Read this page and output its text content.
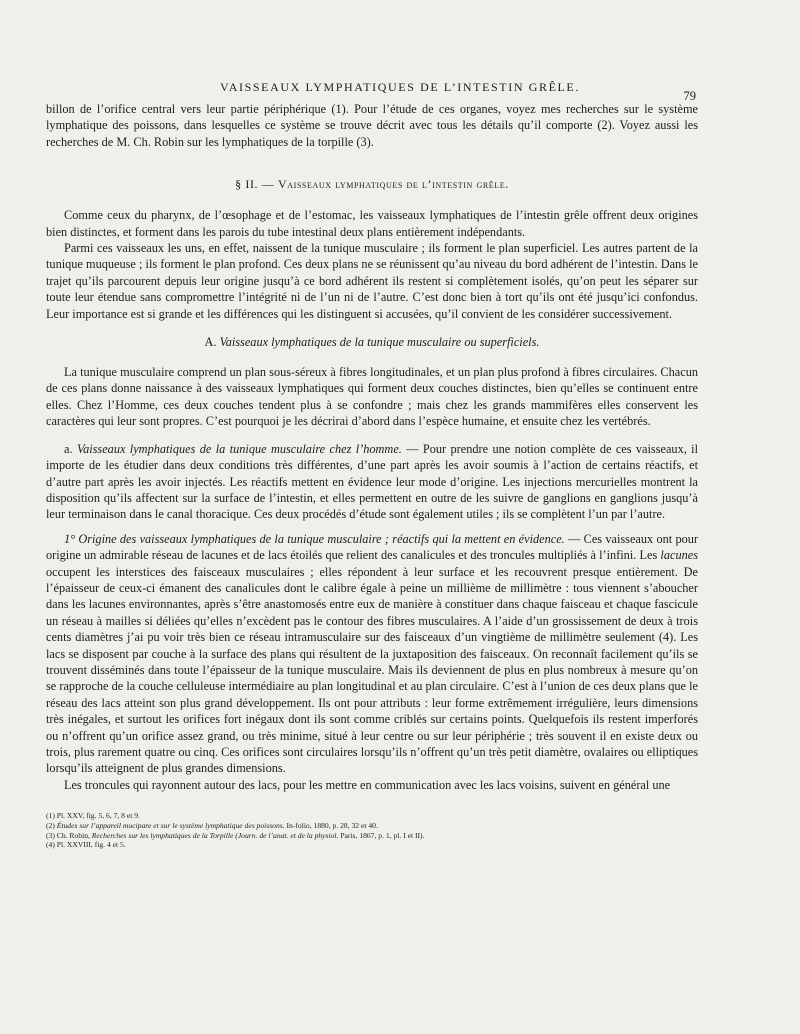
VAISSEAUX LYMPHATIQUES DE L’INTESTIN GRÊLE.
79

billon de l’orifice central vers leur partie périphérique (1). Pour l’étude de ces organes, voyez mes recherches sur le système lymphatique des poissons, dans lesquelles ce système se trouve décrit avec tous les détails qu’il comporte (2). Voyez aussi les recherches de M. Ch. Robin sur les lymphatiques de la torpille (3).

§ II. — Vaisseaux lymphatiques de l’intestin grêle.

Comme ceux du pharynx, de l’œsophage et de l’estomac, les vaisseaux lymphatiques de l’intestin grêle offrent deux origines bien distinctes, et forment dans les parois du tube intestinal deux plans entièrement indépendants.

Parmi ces vaisseaux les uns, en effet, naissent de la tunique musculaire ; ils forment le plan superficiel. Les autres partent de la tunique muqueuse ; ils forment le plan profond. Ces deux plans ne se réunissent qu’au niveau du bord adhérent de l’intestin. Dans le trajet qu’ils parcourent depuis leur origine jusqu’à ce bord adhérent ils restent si complètement isolés, qu’on peut les séparer sur toute leur étendue sans compromettre l’intégrité ni de l’un ni de l’autre. C’est donc bien à tort qu’ils ont été jusqu’ici confondus. Leur importance est si grande et les différences qui les distinguent si accusées, qu’il convient de les considérer successivement.

A. Vaisseaux lymphatiques de la tunique musculaire ou superficiels.

La tunique musculaire comprend un plan sous-séreux à fibres longitudinales, et un plan plus profond à fibres circulaires. Chacun de ces plans donne naissance à des vaisseaux lymphatiques qui forment deux couches distinctes, bien qu’elles se continuent entre elles. Chez l’Homme, ces deux couches tendent plus à se confondre ; mais chez les grands mammifères elles conservent les caractères qui leur sont propres. C’est pourquoi je les décrirai d’abord dans l’espèce humaine, et ensuite chez les vertébrés.

a. Vaisseaux lymphatiques de la tunique musculaire chez l’homme. — Pour prendre une notion complète de ces vaisseaux, il importe de les étudier dans deux conditions très différentes, d’une part après les avoir soumis à l’action de certains réactifs, et d’autre part après les avoir injectés. Les réactifs mettent en évidence leur mode d’origine. Les injections mercurielles montrent la disposition qu’ils affectent sur la surface de l’intestin, et elles permettent en outre de les suivre de ganglions en ganglions jusqu’à leur terminaison dans le canal thoracique. Ces deux procédés d’étude sont également utiles ; ils se complètent l’un par l’autre.

1° Origine des vaisseaux lymphatiques de la tunique musculaire ; réactifs qui la mettent en évidence. — Ces vaisseaux ont pour origine un admirable réseau de lacunes et de lacs étoilés que relient des canalicules et des troncules multipliés à l’infini. Les lacunes occupent les interstices des faisceaux musculaires ; elles répondent à leur surface et les recouvrent presque entièrement. De l’épaisseur de ceux-ci émanent des canalicules dont le calibre égale à peine un millième de millimètre : tous viennent s’aboucher dans les lacunes environnantes, après s’être anastomosés entre eux de manière à constituer dans chaque faisceau et chaque fascicule un réseau à mailles si déliées qu’elles n’excèdent pas le contour des fibres musculaires. A l’aide d’un grossissement de deux à trois cents diamètres j’ai pu voir très bien ce réseau intramusculaire sur des faisceaux d’un vingtième de millimètre seulement (4). Les lacs se disposent par couche à la surface des plans qui résultent de la juxtaposition des faisceaux. On reconnaît facilement qu’ils se trouvent disséminés dans toute l’épaisseur de la tunique musculaire. Mais ils deviennent de plus en plus nombreux à mesure qu’on se rapproche de la couche celluleuse intermédiaire au plan longitudinal et au plan circulaire. C’est à l’union de ces deux plans que le réseau des lacs atteint son plus grand développement. Ils ont pour attributs : leur forme extrêmement irrégulière, leurs dimensions très inégales, et surtout les orifices fort inégaux dont ils sont comme criblés sur certains points. Quelquefois ils restent imperforés ou n’offrent qu’un orifice assez grand, ou très minime, situé à leur centre ou sur leur périphérie ; très souvent il en existe deux ou trois, plus rarement quatre ou cinq. Ces orifices sont circulaires lorsqu’ils n’offrent qu’un très petit diamètre, ovalaires ou elliptiques lorsqu’ils atteignent de plus grandes dimensions.

Les troncules qui rayonnent autour des lacs, pour les mettre en communication avec les lacs voisins, suivent en général une

(1) Pl. XXV, fig. 5, 6, 7, 8 et 9.
(2) Études sur l’appareil mucipare et sur le système lymphatique des poissons. In-folio, 1880, p. 28, 32 et 40.
(3) Ch. Robin, Recherches sur les lymphatiques de la Torpille (Journ. de l’anat. et de la physiol. Paris, 1867, p. 1, pl. I et II).
(4) Pl. XXVIII, fig. 4 et 5.
